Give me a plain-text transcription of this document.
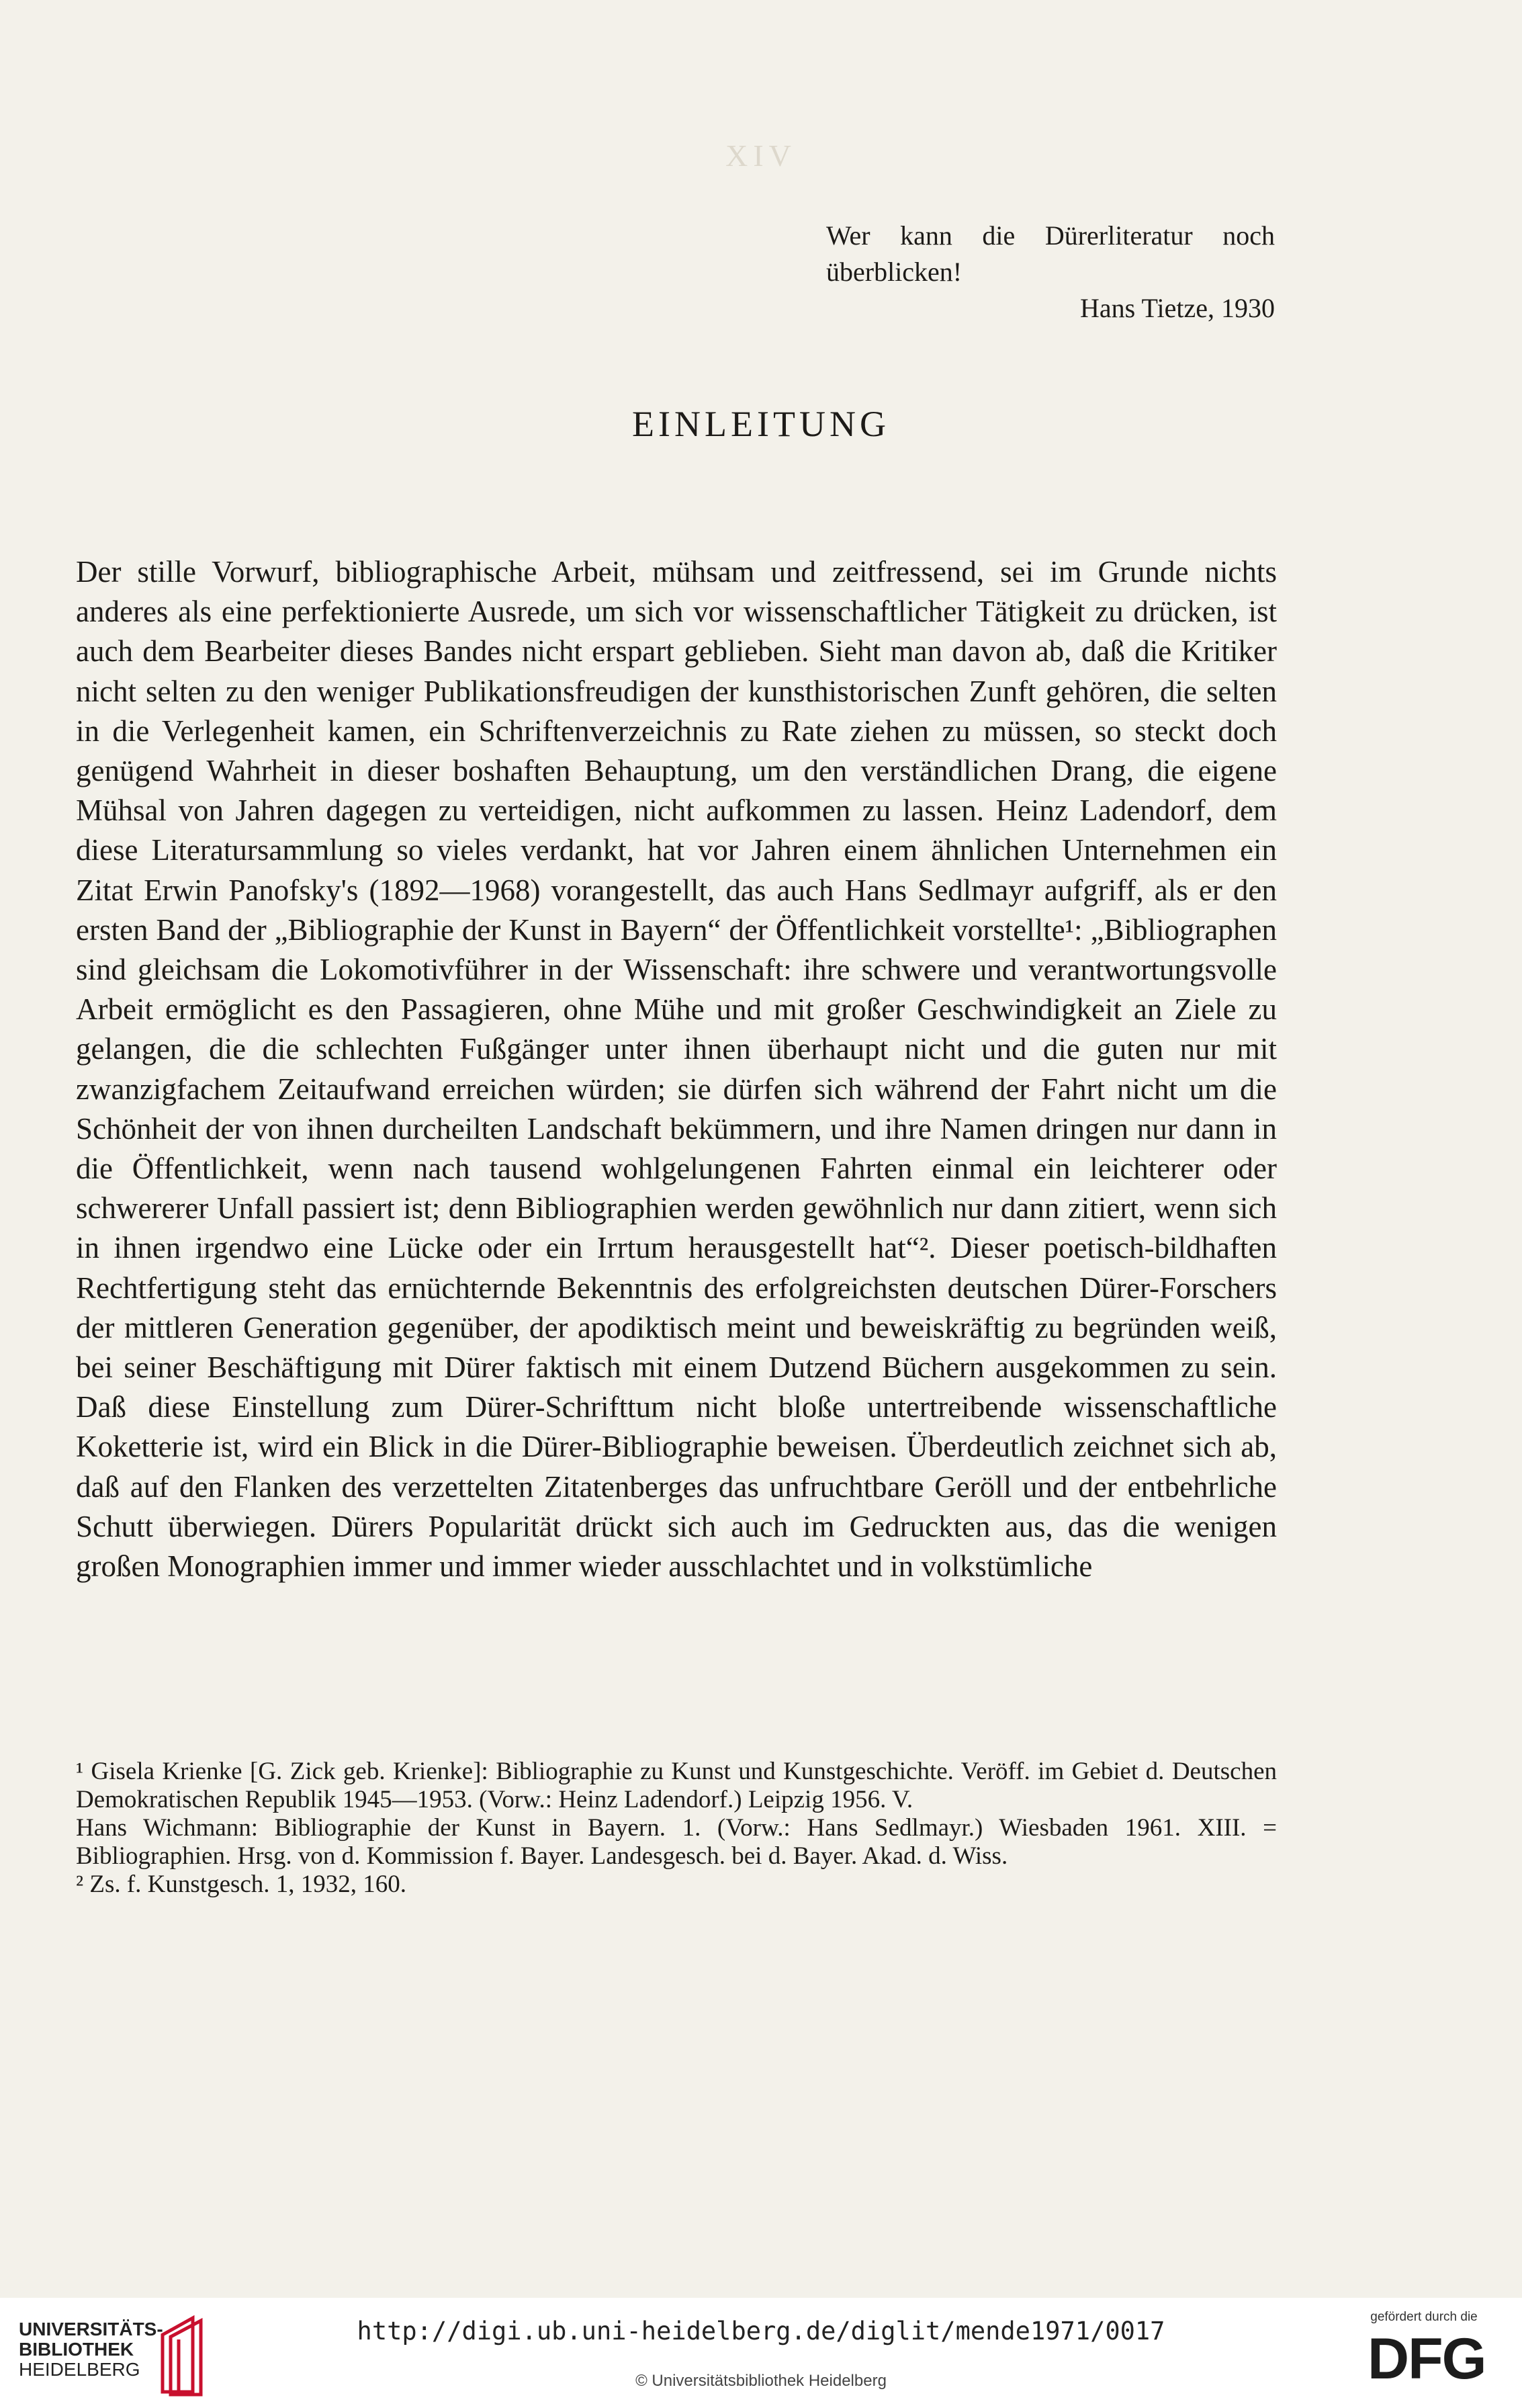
XIV
Wer kann die Dürerliteratur noch überblicken!
Hans Tietze, 1930
EINLEITUNG

Der stille Vorwurf, bibliographische Arbeit, mühsam und zeitfressend, sei im Grunde nichts anderes als eine perfektionierte Ausrede, um sich vor wissenschaftlicher Tätigkeit zu drücken, ist auch dem Bearbeiter dieses Bandes nicht erspart geblieben. Sieht man davon ab, daß die Kritiker nicht selten zu den weniger Publikationsfreudigen der kunsthistorischen Zunft gehören, die selten in die Verlegenheit kamen, ein Schriftenverzeichnis zu Rate ziehen zu müssen, so steckt doch genügend Wahrheit in dieser boshaften Behauptung, um den verständlichen Drang, die eigene Mühsal von Jahren dagegen zu verteidigen, nicht aufkommen zu lassen. Heinz Ladendorf, dem diese Literatursammlung so vieles verdankt, hat vor Jahren einem ähnlichen Unternehmen ein Zitat Erwin Panofsky's (1892—1968) vorangestellt, das auch Hans Sedlmayr aufgriff, als er den ersten Band der „Bibliographie der Kunst in Bayern“ der Öffentlichkeit vorstellte¹: „Bibliographen sind gleichsam die Lokomotivführer in der Wissenschaft: ihre schwere und verantwortungsvolle Arbeit ermöglicht es den Passagieren, ohne Mühe und mit großer Geschwindigkeit an Ziele zu gelangen, die die schlechten Fußgänger unter ihnen überhaupt nicht und die guten nur mit zwanzigfachem Zeitaufwand erreichen würden; sie dürfen sich während der Fahrt nicht um die Schönheit der von ihnen durcheilten Landschaft bekümmern, und ihre Namen dringen nur dann in die Öffentlichkeit, wenn nach tausend wohlgelungenen Fahrten einmal ein leichterer oder schwererer Unfall passiert ist; denn Bibliographien werden gewöhnlich nur dann zitiert, wenn sich in ihnen irgendwo eine Lücke oder ein Irrtum herausgestellt hat“². Dieser poetisch-bildhaften Rechtfertigung steht das ernüchternde Bekenntnis des erfolgreichsten deutschen Dürer-Forschers der mittleren Generation gegenüber, der apodiktisch meint und beweiskräftig zu begründen weiß, bei seiner Beschäftigung mit Dürer faktisch mit einem Dutzend Büchern ausgekommen zu sein. Daß diese Einstellung zum Dürer-Schrifttum nicht bloße untertreibende wissenschaftliche Koketterie ist, wird ein Blick in die Dürer-Bibliographie beweisen. Überdeutlich zeichnet sich ab, daß auf den Flanken des verzettelten Zitatenberges das unfruchtbare Geröll und der entbehrliche Schutt überwiegen. Dürers Popularität drückt sich auch im Gedruckten aus, das die wenigen großen Monographien immer und immer wieder ausschlachtet und in volkstümliche

¹ Gisela Krienke [G. Zick geb. Krienke]: Bibliographie zu Kunst und Kunstgeschichte. Veröff. im Gebiet d. Deutschen Demokratischen Republik 1945—1953. (Vorw.: Heinz Ladendorf.) Leipzig 1956. V.

Hans Wichmann: Bibliographie der Kunst in Bayern. 1. (Vorw.: Hans Sedlmayr.) Wiesbaden 1961. XIII. = Bibliographien. Hrsg. von d. Kommission f. Bayer. Landesgesch. bei d. Bayer. Akad. d. Wiss.

² Zs. f. Kunstgesch. 1, 1932, 160.

UNIVERSITÄTS-
BIBLIOTHEK
HEIDELBERG
http://digi.ub.uni-heidelberg.de/diglit/mende1971/0017
© Universitätsbibliothek Heidelberg
gefördert durch die
DFG
